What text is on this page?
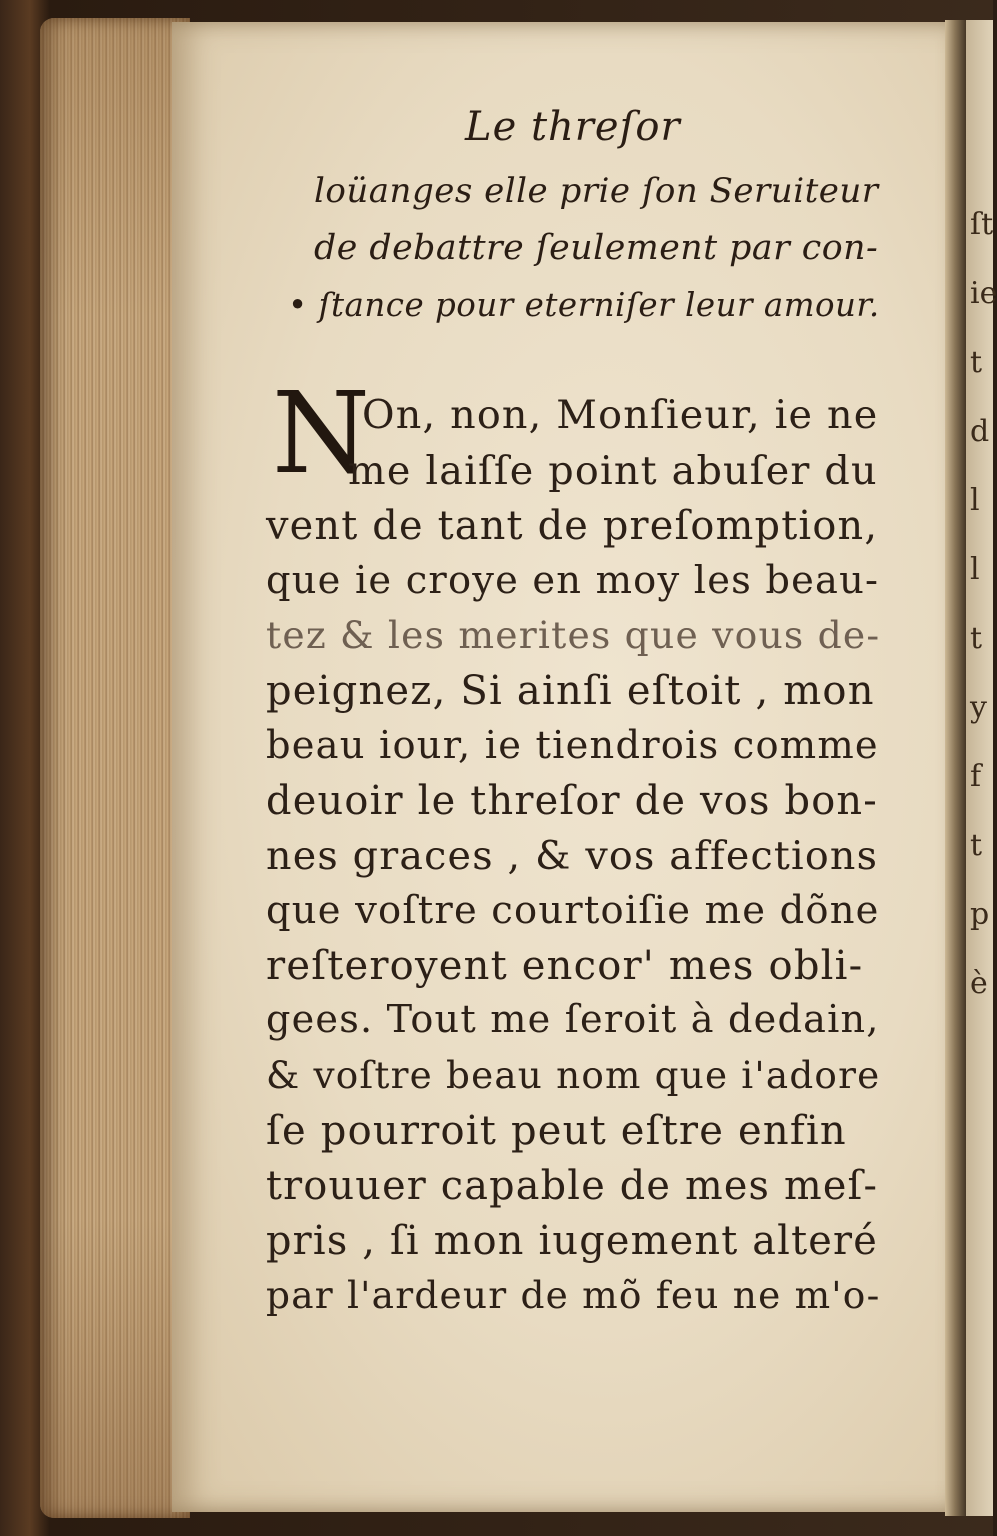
ſt
ie
t
d
l
l
t
y
f
t
p
è
Le threſor
loüanges elle prie ſon Seruiteur
de debattre ſeulement par con-
• ſtance pour eterniſer leur amour.
N
On, non, Monſieur, ie ne
me laiſſe point abuſer du
vent de tant de preſomption,
que ie croye en moy les beau-
tez & les merites que vous de-
peignez, Si ainſi eſtoit , mon
beau iour, ie tiendrois comme
deuoir le threſor de vos bon-
nes graces , & vos affections
que voſtre courtoiſie me dõne
reſteroyent encor' mes obli-
gees. Tout me ſeroit à dedain,
& voſtre beau nom que i'adore
ſe pourroit peut eſtre enfin
trouuer capable de mes meſ-
pris , ſi mon iugement alteré
par l'ardeur de mõ feu ne m'o-
